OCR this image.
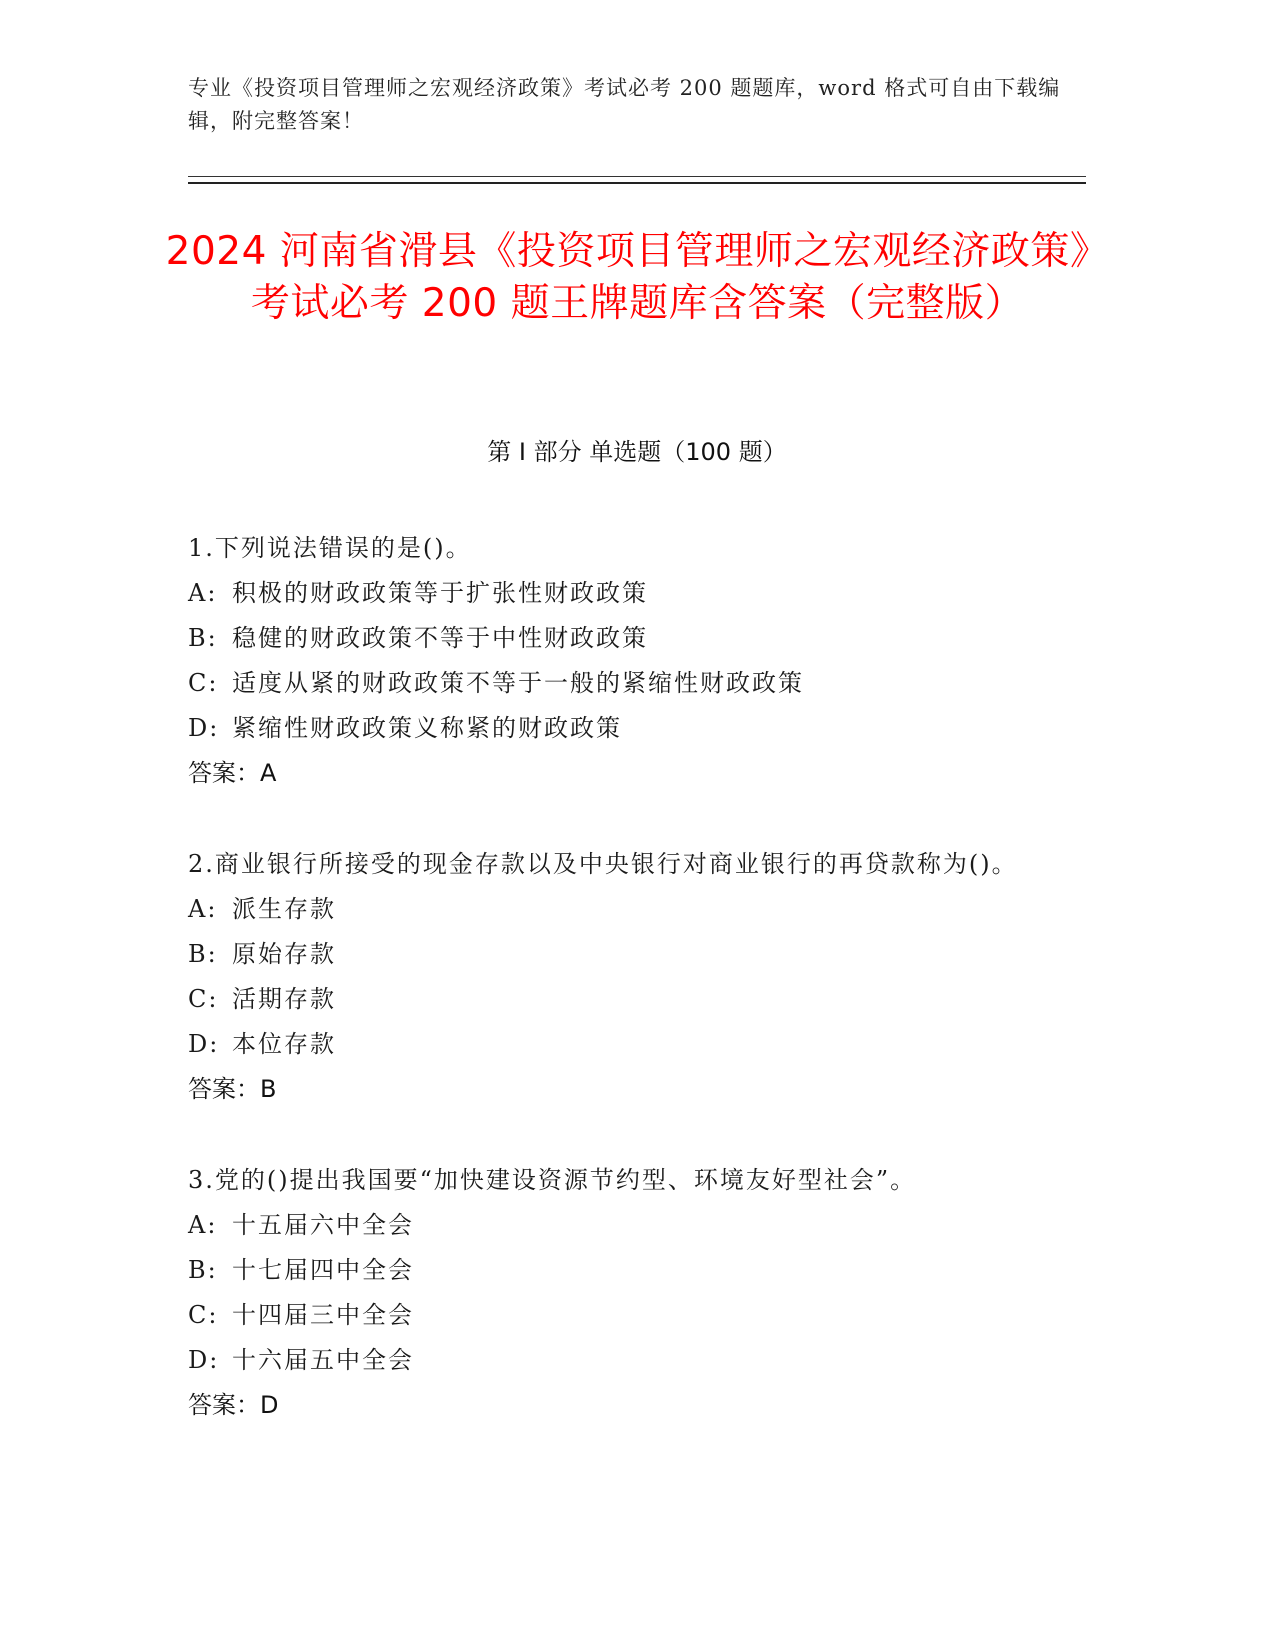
专业《投资项目管理师之宏观经济政策》考试必考 200 题题库，word 格式可自由下载编辑，附完整答案！
2024 河南省滑县《投资项目管理师之宏观经济政策》考试必考 200 题王牌题库含答案（完整版）
第 I 部分 单选题（100 题）

1.下列说法错误的是()。

A: 积极的财政政策等于扩张性财政政策

B: 稳健的财政政策不等于中性财政政策

C: 适度从紧的财政政策不等于一般的紧缩性财政政策

D: 紧缩性财政政策义称紧的财政政策

答案：A

2.商业银行所接受的现金存款以及中央银行对商业银行的再贷款称为()。

A: 派生存款

B: 原始存款

C: 活期存款

D: 本位存款

答案：B

3.党的()提出我国要“加快建设资源节约型、环境友好型社会”。

A: 十五届六中全会

B: 十七届四中全会

C: 十四届三中全会

D: 十六届五中全会

答案：D
